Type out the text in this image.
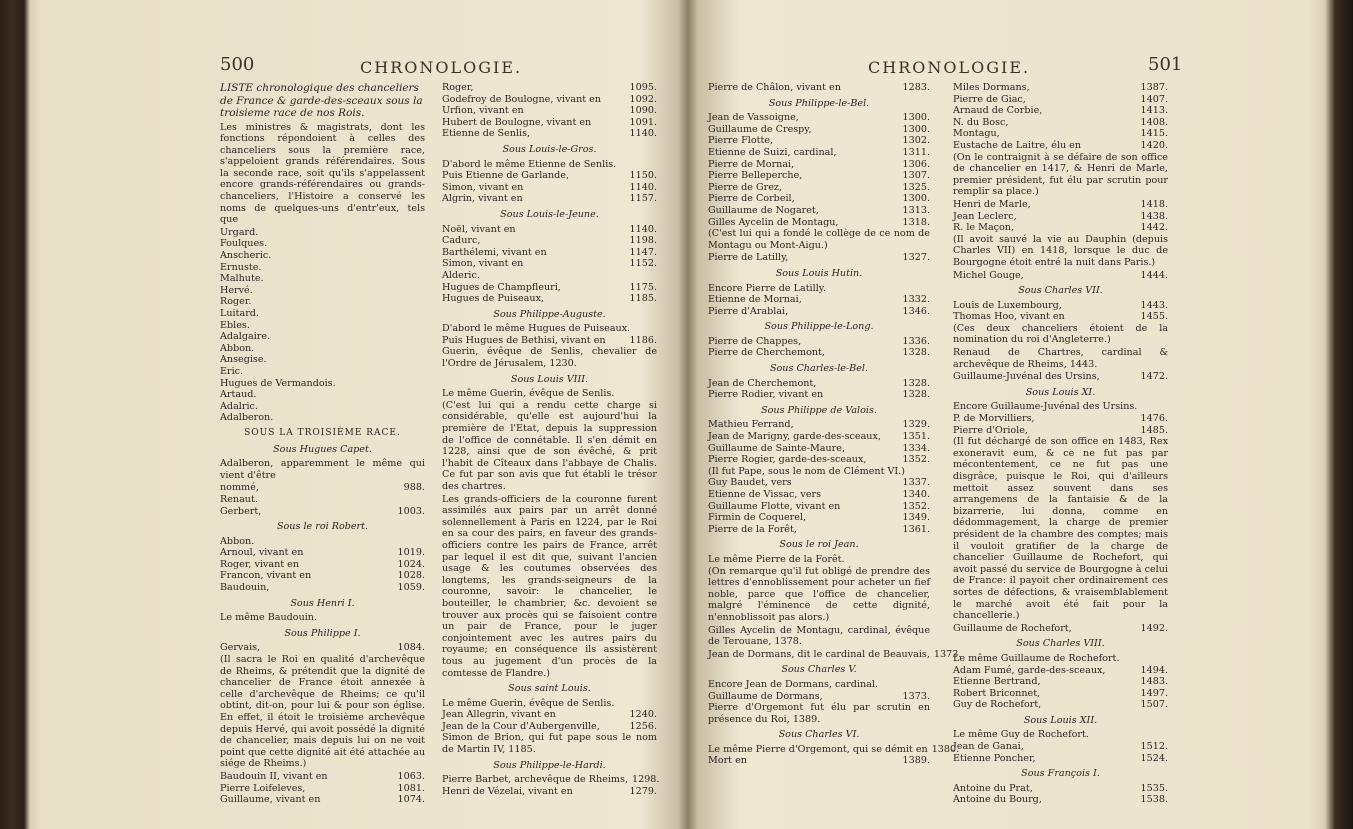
500	CHRONOLOGIE.
LISTE chronologique des chanceliers de France & garde-des-sceaux sous la troisieme race de nos Rois.
Les ministres & magistrats, dont les fonctions répondoient à celles des chanceliers sous la première race, s'appeloient grands référendaires. Sous la seconde race, soit qu'ils s'appelassent encore grands-référendaires ou grands-chanceliers, l'Histoire a conservé les noms de quelques-uns d'entr'eux, tels que
Urgard.
Foulques.
Anscheric.
Ernuste.
Malhute.
Hervé.
Roger.
Luitard.
Ebles.
Adalgaire.
Abbon.
Ansegise.
Eric.
Hugues de Vermandois.
Artaud.
Adalric.
Adalberon.
SOUS LA TROISIÈME RACE.
Sous Hugues Capet.
Adalberon, apparemment le même qui vient d'être
nommé,	988.
Renaut.
Gerbert,	1003.
Sous le roi Robert.
Abbon.
Arnoul, vivant en	1019.
Roger, vivant en	1024.
Francon, vivant en	1028.
Baudouin,	1059.
Sous Henri I.
Le même Baudouin.
Sous Philippe I.
Gervais,	1084.
(Il sacra le Roi en qualité d'archevêque de Rheims, & prétendit que la dignité de chancelier de France étoit annexée à celle d'archevêque de Rheims; ce qu'il obtint, dit-on, pour lui & pour son église. En effet, il étoit le troisième archevêque depuis Hervé, qui avoit possédé la dignité de chancelier, mais depuis lui on ne voit point que cette dignité ait été attachée au siége de Rheims.)
Baudouin II, vivant en	1063.
Pierre Loifeleves,	1081.
Guillaume, vivant en	1074.
Roger,	1095.
Godefroy de Boulogne, vivant en	1092.
Urfion, vivant en	1090.
Hubert de Boulogne, vivant en	1091.
Etienne de Senlis,	1140.
Sous Louis-le-Gros.
D'abord le même Etienne de Senlis.
Puis Etienne de Garlande,	1150.
Simon, vivant en	1140.
Algrin, vivant en	1157.
Sous Louis-le-Jeune.
Noël, vivant en	1140.
Cadurc,	1198.
Barthélemi, vivant en	1147.
Simon, vivant en	1152.
Alderic.
Hugues de Champfleuri,	1175.
Hugues de Puiseaux,	1185.
Sous Philippe-Auguste.
D'abord le même Hugues de Puiseaux.
Puis Hugues de Bethisi, vivant en	1186.
Guerin, évêque de Senlis, chevalier de l'Ordre de Jérusalem, 1230.
Sous Louis VIII.
Le même Guerin, évêque de Senlis.
(C'est lui qui a rendu cette charge si considérable, qu'elle est aujourd'hui la première de l'Etat, depuis la suppression de l'office de connétable. Il s'en démit en 1228, ainsi que de son évêché, & prit l'habit de Cîteaux dans l'abbaye de Chalis. Ce fut par son avis que fut établi le trésor des chartres.
Les grands-officiers de la couronne furent assimilés aux pairs par un arrêt donné solennellement à Paris en 1224, par le Roi en sa cour des pairs, en faveur des grands-officiers contre les pairs de France, arrêt par lequel il est dit que, suivant l'ancien usage & les coutumes observées des longtems, les grands-seigneurs de la couronne, savoir: le chancelier, le bouteiller, le chambrier, &c. devoient se trouver aux procès qui se faisoient contre un pair de France, pour le juger conjointement avec les autres pairs du royaume; en conséquence ils assistèrent tous au jugement d'un procès de la comtesse de Flandre.)
Sous saint Louis.
Le même Guerin, évêque de Senlis.
Jean Allegrin, vivant en	1240.
Jean de la Cour d'Aubergenville,	1256.
Simon de Brion, qui fut pape sous le nom de Martin IV, 1185.
Sous Philippe-le-Hardi.
Pierre Barbet, archevêque de Rheims, 1298.
Henri de Vézelai, vivant en	1279.
CHRONOLOGIE.	501
Pierre de Châlon, vivant en	1283.
Sous Philippe-le-Bel.
Jean de Vassoigne,	1300.
Guillaume de Crespy,	1300.
Pierre Flotte,	1302.
Etienne de Suizi, cardinal,	1311.
Pierre de Mornai,	1306.
Pierre Belleperche,	1307.
Pierre de Grez,	1325.
Pierre de Corbeil,	1300.
Guillaume de Nogaret,	1313.
Gilles Aycelin de Montagu,	1318.
(C'est lui qui a fondé le collège de ce nom de Montagu ou Mont-Aigu.)
Pierre de Latilly,	1327.
Sous Louis Hutin.
Encore Pierre de Latilly.
Etienne de Mornai,	1332.
Pierre d'Arablai,	1346.
Sous Philippe-le-Long.
Pierre de Chappes,	1336.
Pierre de Cherchemont,	1328.
Sous Charles-le-Bel.
Jean de Cherchemont,	1328.
Pierre Rodier, vivant en	1328.
Sous Philippe de Valois.
Mathieu Ferrand,	1329.
Jean de Marigny, garde-des-sceaux,	1351.
Guillaume de Sainte-Maure,	1334.
Pierre Rogier, garde-des-sceaux,	1352.
(Il fut Pape, sous le nom de Clément VI.)
Guy Baudet, vers	1337.
Etienne de Vissac, vers	1340.
Guillaume Flotte, vivant en	1352.
Firmin de Coquerel,	1349.
Pierre de la Forêt,	1361.
Sous le roi Jean.
Le même Pierre de la Forêt.
(On remarque qu'il fut obligé de prendre des lettres d'ennoblissement pour acheter un fief noble, parce que l'office de chancelier, malgré l'éminence de cette dignité, n'ennoblissoit pas alors.)
Gilles Aycelin de Montagu, cardinal, évêque de Terouane, 1378.
Jean de Dormans, dit le cardinal de Beauvais, 1373.
Sous Charles V.
Encore Jean de Dormans, cardinal.
Guillaume de Dormans,	1373.
Pierre d'Orgemont fut élu par scrutin en présence du Roi, 1389.
Sous Charles VI.
Le même Pierre d'Orgemont, qui se démit en 1380.
Mort en	1389.
Miles Dormans,	1387.
Pierre de Giac,	1407.
Arnaud de Corbie,	1413.
N. du Bosc,	1408.
Montagu,	1415.
Eustache de Laitre, élu en	1420.
(On le contraignit à se défaire de son office de chancelier en 1417, & Henri de Marle, premier président, fut élu par scrutin pour remplir sa place.)
Henri de Marle,	1418.
Jean Leclerc,	1438.
R. le Maçon,	1442.
(Il avoit sauvé la vie au Dauphin (depuis Charles VII) en 1418, lorsque le duc de Bourgogne étoit entré la nuit dans Paris.)
Michel Gouge,	1444.
Sous Charles VII.
Louis de Luxembourg,	1443.
Thomas Hoo, vivant en	1455.
(Ces deux chanceliers étoient de la nomination du roi d'Angleterre.)
Renaud de Chartres, cardinal & archevêque de Rheims, 1443.
Guillaume-Juvénal des Ursins,	1472.
Sous Louis XI.
Encore Guillaume-Juvénal des Ursins.
P. de Morvilliers,	1476.
Pierre d'Oriole,	1485.
(Il fut déchargé de son office en 1483, Rex exoneravit eum, & ce ne fut pas par mécontentement, ce ne fut pas une disgrâce, puisque le Roi, qui d'ailleurs mettoit assez souvent dans ses arrangemens de la fantaisie & de la bizarrerie, lui donna, comme en dédommagement, la charge de premier président de la chambre des comptes; mais il vouloit gratifier de la charge de chancelier Guillaume de Rochefort, qui avoit passé du service de Bourgogne à celui de France: il payoit cher ordinairement ces sortes de défections, & vraisemblablement le marché avoit été fait pour la chancellerie.)
Guillaume de Rochefort,	1492.
Sous Charles VIII.
Le même Guillaume de Rochefort.
Adam Fumé, garde-des-sceaux,	1494.
Etienne Bertrand,	1483.
Robert Briconnet,	1497.
Guy de Rochefort,	1507.
Sous Louis XII.
Le même Guy de Rochefort.
Jean de Ganai,	1512.
Etienne Poncher,	1524.
Sous François I.
Antoine du Prat,	1535.
Antoine du Bourg,	1538.
